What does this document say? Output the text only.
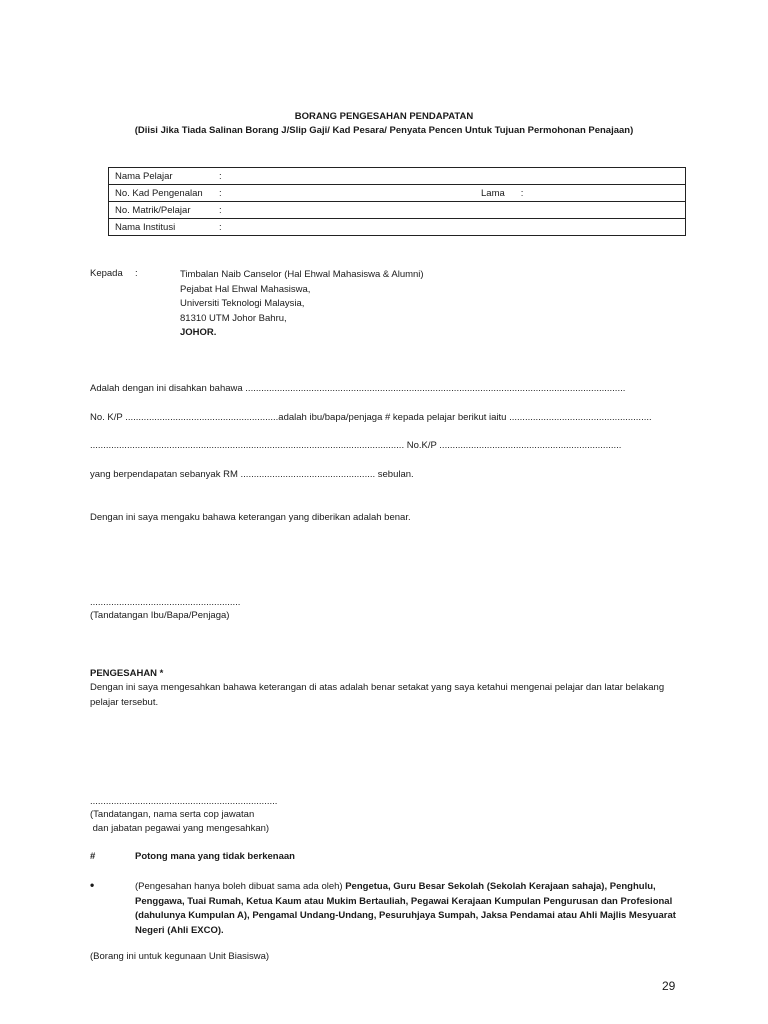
BORANG PENGESAHAN PENDAPATAN
(Diisi Jika Tiada Salinan Borang J/Slip Gaji/ Kad Pesara/ Penyata Pencen Untuk Tujuan Permohonan Penajaan)
Nama Pelajar	:
No. Kad Pengenalan :	Lama :

No. Matrik/Pelajar	:
Nama Institusi	:
Kepada :	Timbalan Naib Canselor (Hal Ehwal Mahasiswa & Alumni)
Pejabat Hal Ehwal Mahasiswa,
Universiti Teknologi Malaysia,
81310 UTM Johor Bahru,
JOHOR.
Adalah dengan ini disahkan bahawa ................................................................................................................................................
No. K/P ..........................................................adalah ibu/bapa/penjaga # kepada pelajar berikut iaitu ......................................................
....................................................................................................................... No.K/P .....................................................................
yang berpendapatan sebanyak RM ................................................... sebulan.
Dengan ini saya mengaku bahawa keterangan yang diberikan adalah benar.
.........................................................
(Tandatangan Ibu/Bapa/Penjaga)
PENGESAHAN *
Dengan ini saya mengesahkan bahawa keterangan di atas adalah benar setakat yang saya ketahui mengenai pelajar dan latar belakang pelajar tersebut.
.......................................................................
(Tandatangan, nama serta cop jawatan
dan jabatan pegawai yang mengesahkan)
#	Potong mana yang tidak berkenaan
•	(Pengesahan hanya boleh dibuat sama ada oleh) Pengetua, Guru Besar Sekolah (Sekolah Kerajaan sahaja), Penghulu, Penggawa, Tuai Rumah, Ketua Kaum atau Mukim Bertauliah, Pegawai Kerajaan Kumpulan Pengurusan dan Profesional (dahulunya Kumpulan A), Pengamal Undang-Undang, Pesuruhjaya Sumpah, Jaksa Pendamai atau Ahli Majlis Mesyuarat Negeri (Ahli EXCO).
(Borang ini untuk kegunaan Unit Biasiswa)
29
